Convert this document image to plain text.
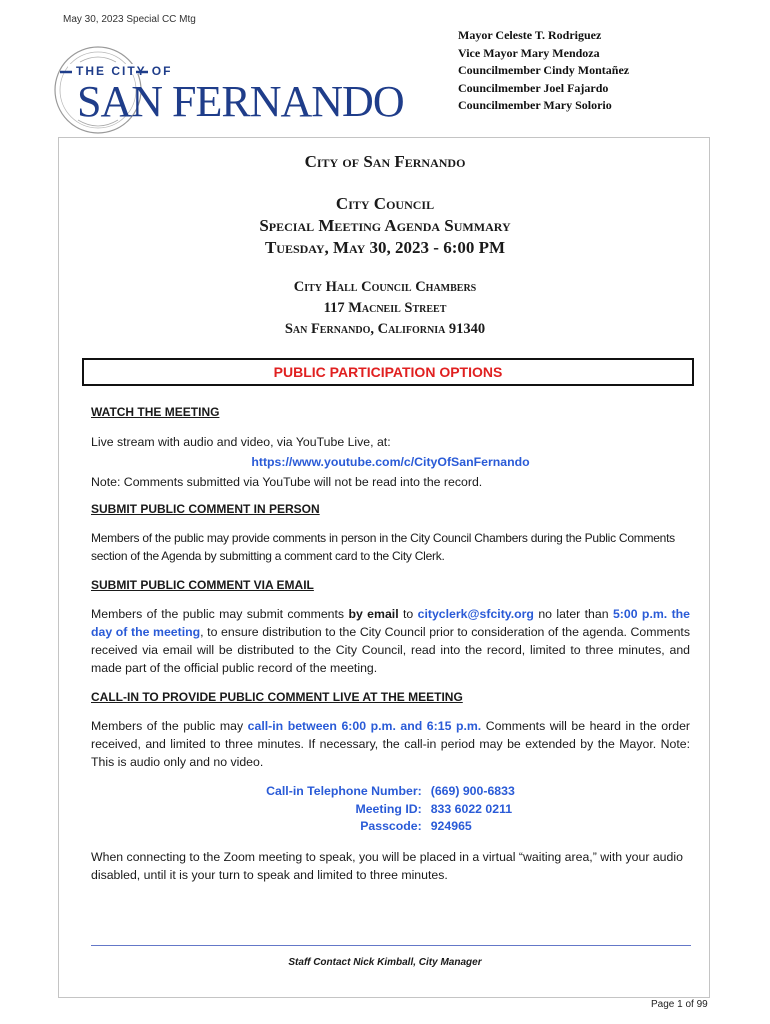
May 30, 2023 Special CC Mtg
THE CITY OF
SAN FERNANDO
Mayor Celeste T. Rodriguez
Vice Mayor Mary Mendoza
Councilmember Cindy Montañez
Councilmember Joel Fajardo
Councilmember Mary Solorio
City of San Fernando
City Council
Special Meeting Agenda Summary
Tuesday, May 30, 2023 - 6:00 PM
City Hall Council Chambers
117 Macneil Street
San Fernando, California 91340
PUBLIC PARTICIPATION OPTIONS
WATCH THE MEETING
Live stream with audio and video, via YouTube Live, at:
https://www.youtube.com/c/CityOfSanFernando
Note: Comments submitted via YouTube will not be read into the record.
SUBMIT PUBLIC COMMENT IN PERSON
Members of the public may provide comments in person in the City Council Chambers during the Public Comments section of the Agenda by submitting a comment card to the City Clerk.
SUBMIT PUBLIC COMMENT VIA EMAIL
Members of the public may submit comments by email to cityclerk@sfcity.org no later than 5:00 p.m. the day of the meeting, to ensure distribution to the City Council prior to consideration of the agenda. Comments received via email will be distributed to the City Council, read into the record, limited to three minutes, and made part of the official public record of the meeting.
CALL-IN TO PROVIDE PUBLIC COMMENT LIVE AT THE MEETING
Members of the public may call-in between 6:00 p.m. and 6:15 p.m. Comments will be heard in the order received, and limited to three minutes. If necessary, the call-in period may be extended by the Mayor. Note: This is audio only and no video.
Call-in Telephone Number: (669) 900-6833
Meeting ID: 833 6022 0211
Passcode: 924965
When connecting to the Zoom meeting to speak, you will be placed in a virtual “waiting area,” with your audio disabled, until it is your turn to speak and limited to three minutes.
Staff Contact Nick Kimball, City Manager
Page 1 of 99
